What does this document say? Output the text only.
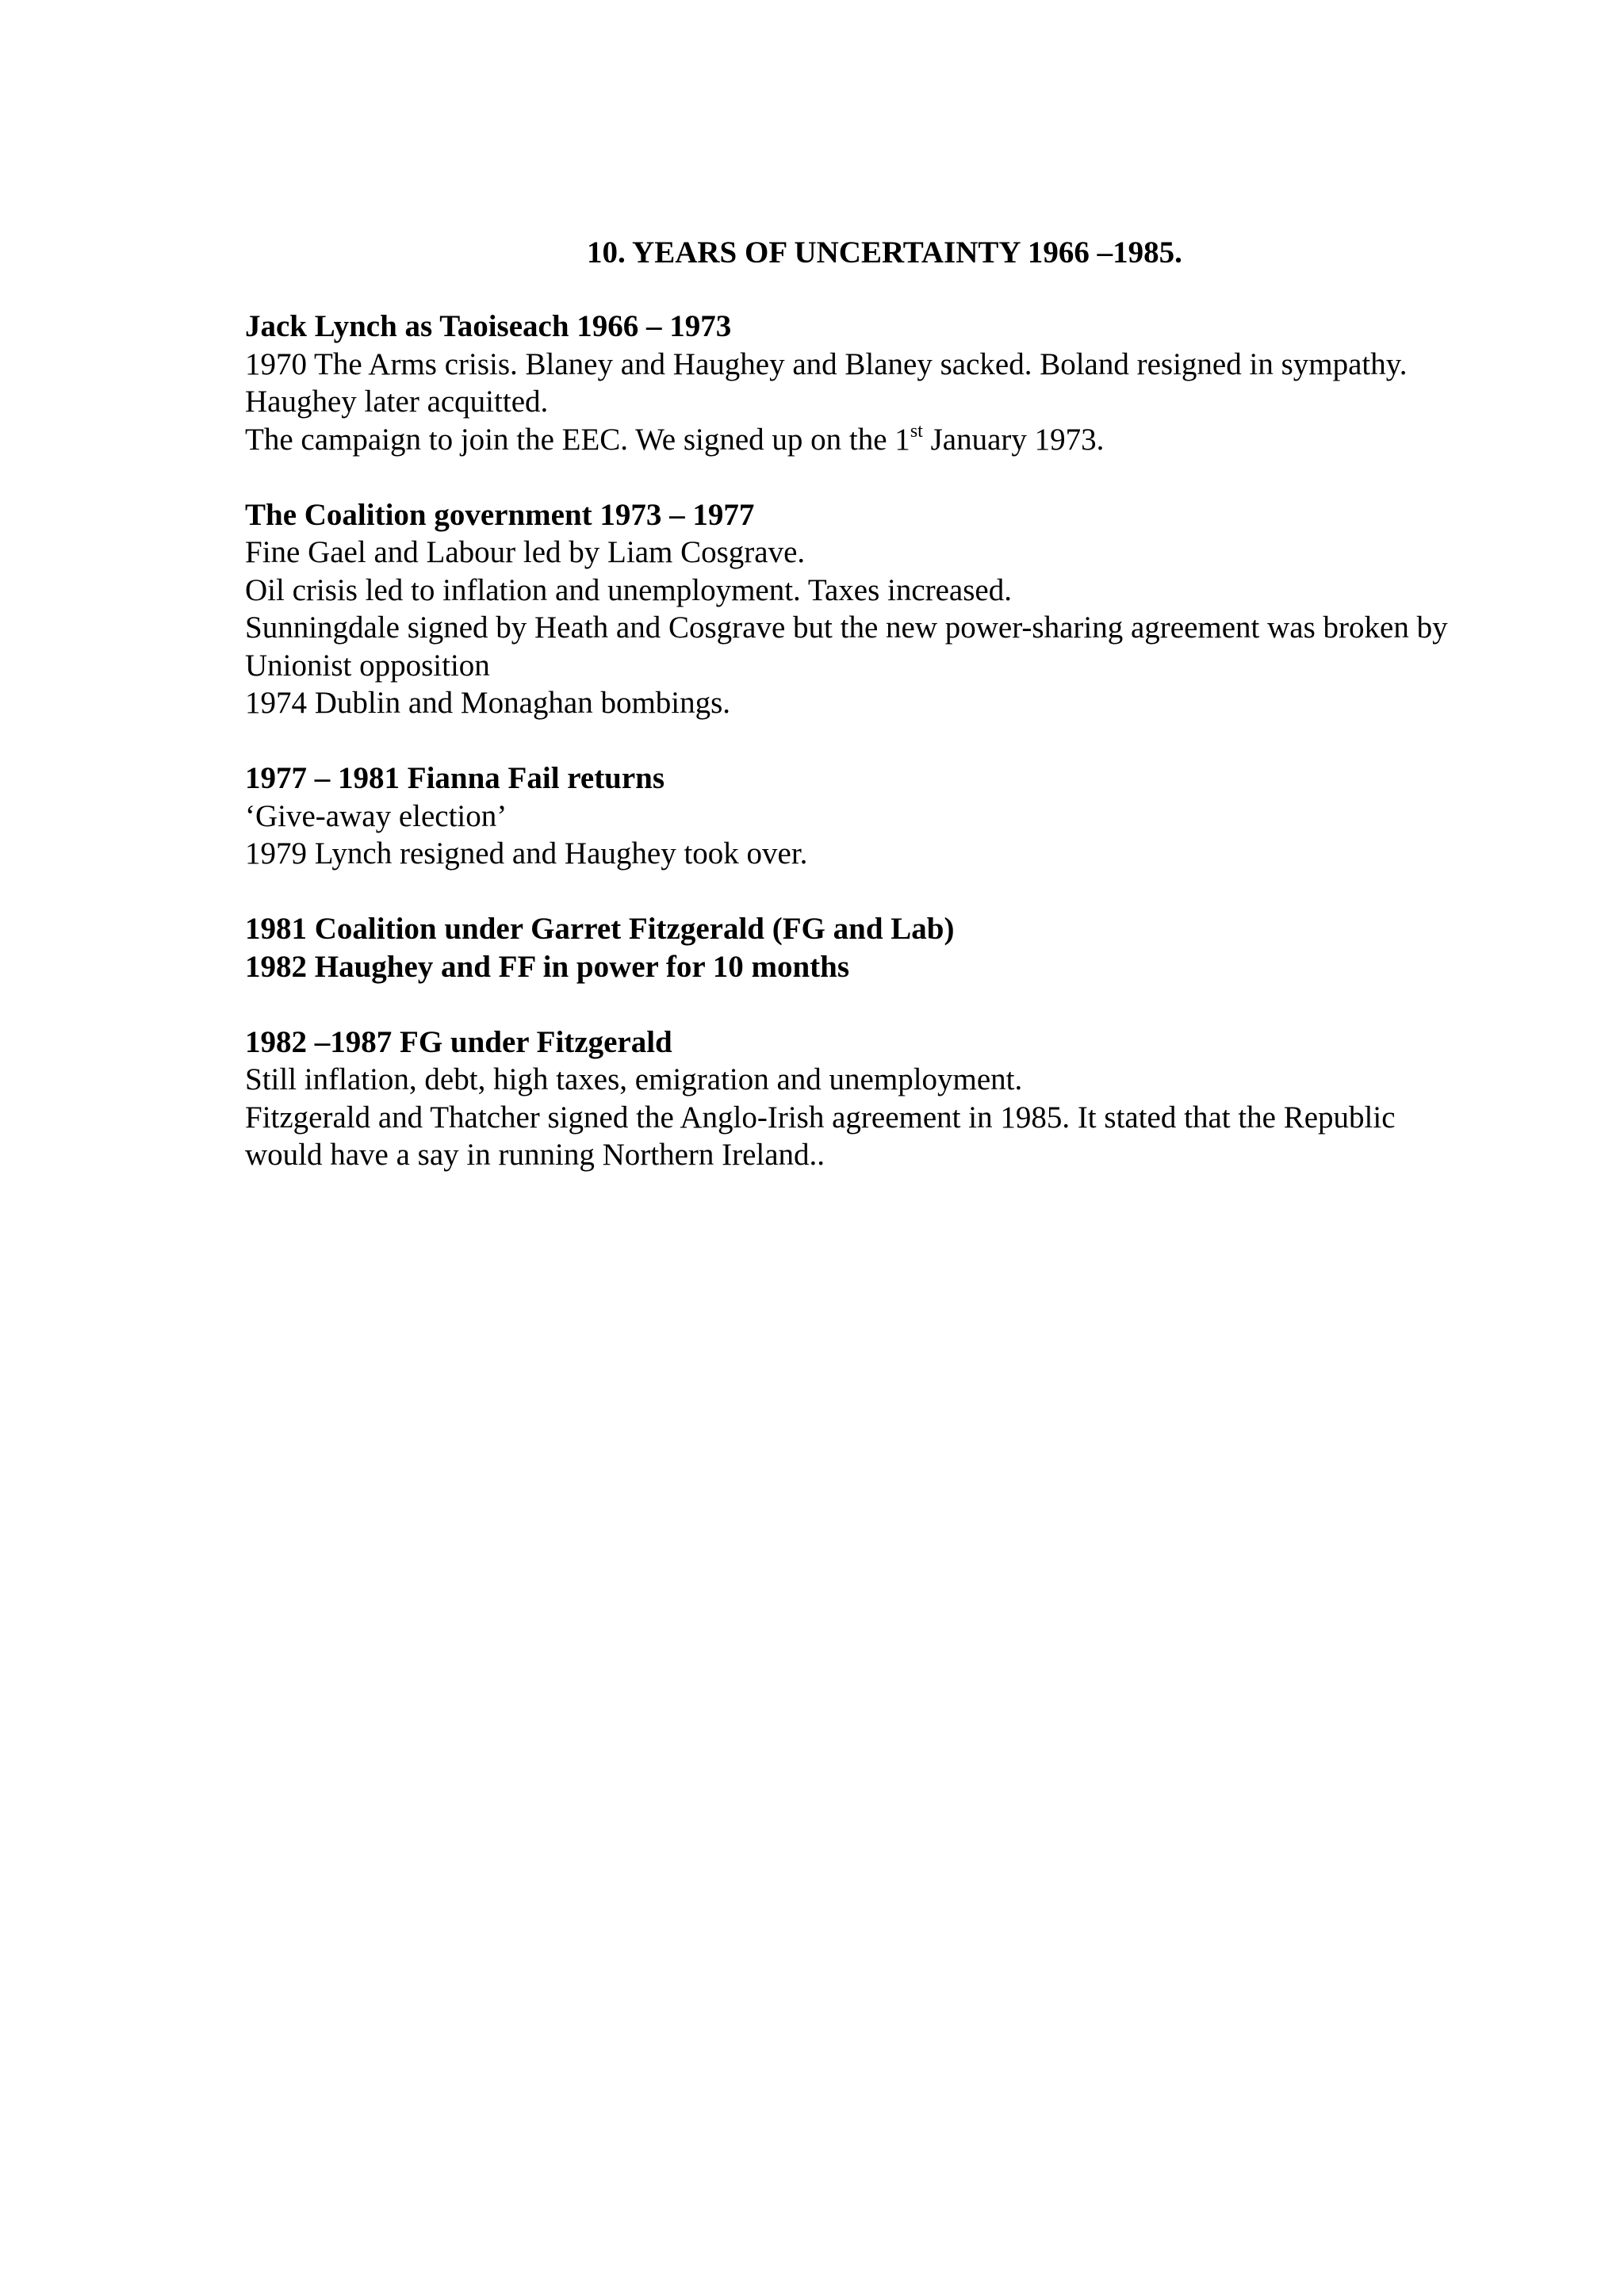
10. YEARS OF UNCERTAINTY 1966 –1985.
Jack Lynch as Taoiseach 1966 – 1973
1970 The Arms crisis. Blaney and Haughey and Blaney sacked. Boland resigned in sympathy.
Haughey later acquitted.
The campaign to join the EEC. We signed up on the 1st January 1973.
The Coalition government 1973 – 1977
Fine Gael and Labour led by Liam Cosgrave.
Oil crisis led to inflation and unemployment. Taxes increased.
Sunningdale signed by Heath and Cosgrave but the new power-sharing agreement was broken by
Unionist opposition
1974 Dublin and Monaghan bombings.
1977 – 1981 Fianna Fail returns
‘Give-away election’
1979 Lynch resigned and Haughey took over.
1981 Coalition under Garret Fitzgerald (FG and Lab)
1982 Haughey and FF in power for 10 months
1982 –1987 FG under Fitzgerald
Still inflation, debt, high taxes, emigration and unemployment.
Fitzgerald and Thatcher signed the Anglo-Irish agreement in 1985. It stated that the Republic
would have a say in running Northern Ireland..
